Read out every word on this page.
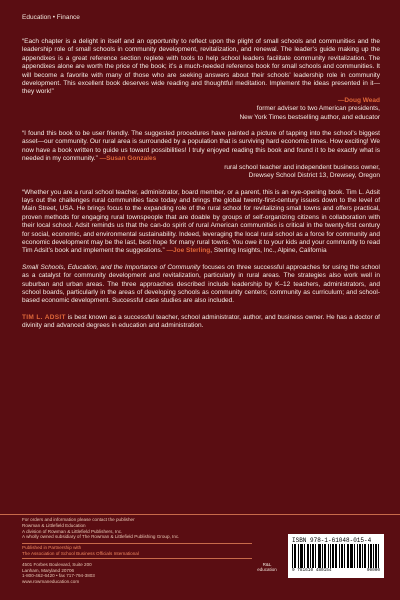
Education • Finance
“Each chapter is a delight in itself and an opportunity to reflect upon the plight of small schools and communities and the leadership role of small schools in community development, revitalization, and renewal. The leader’s guide making up the appendixes is a great reference section replete with tools to help school leaders facilitate community revitalization. The appendixes alone are worth the price of the book; it’s a much-needed reference book for small schools and communities. It will become a favorite with many of those who are seeking answers about their schools’ leadership role in community development. This excellent book deserves wide reading and thoughtful meditation. Implement the ideas presented in it—they work!”
—Doug Wead
former adviser to two American presidents,
New York Times bestselling author, and educator
“I found this book to be user friendly. The suggested procedures have painted a picture of tapping into the school’s biggest asset—our community. Our rural area is surrounded by a population that is surviving hard economic times. How exciting! We now have a book written to guide us toward possibilities! I truly enjoyed reading this book and found it to be exactly what is needed in my community.” —Susan Gonzales
rural school teacher and independent business owner,
Drewsey School District 13, Drewsey, Oregon
“Whether you are a rural school teacher, administrator, board member, or a parent, this is an eye-opening book. Tim L. Adsit lays out the challenges rural communities face today and brings the global twenty-first-century issues down to the level of Main Street, USA. He brings focus to the expanding role of the rural school for revitalizing small towns and offers practical, proven methods for engaging rural townspeople that are doable by groups of self-organizing citizens in collaboration with their local school. Adsit reminds us that the can-do spirit of rural American communities is critical in the twenty-first century for social, economic, and environmental sustainability. Indeed, leveraging the local rural school as a force for community and economic development may be the last, best hope for many rural towns. You owe it to your kids and your community to read Tim Adsit’s book and implement the suggestions.” —Joe Sterling, Sterling Insights, Inc., Alpine, California
Small Schools, Education, and the Importance of Community focuses on three successful approaches for using the school as a catalyst for community development and revitalization, particularly in rural areas. The strategies also work well in suburban and urban areas. The three approaches described include leadership by K–12 teachers, administrators, and school boards, particularly in the areas of developing schools as community centers; community as curriculum; and school-based economic development. Successful case studies are also included.
TIM L. ADSIT is best known as a successful teacher, school administrator, author, and business owner. He has a doctor of divinity and advanced degrees in education and administration.
For orders and information please contact the publisher
Rowman & Littlefield Education
A division of Rowman & Littlefield Publishers, Inc.
A wholly owned subsidiary of The Rowman & Littlefield Publishing Group, Inc.
Published in Partnership with
The Association of School Business Officials International
4501 Forbes Boulevard, Suite 200
Lanham, Maryland 20706
1-800-462-6420 • fax 717-794-3803
www.rowmaneducation.com
R&L education
ISBN 978-1-61048-015-4
9 781610 480154	90000
